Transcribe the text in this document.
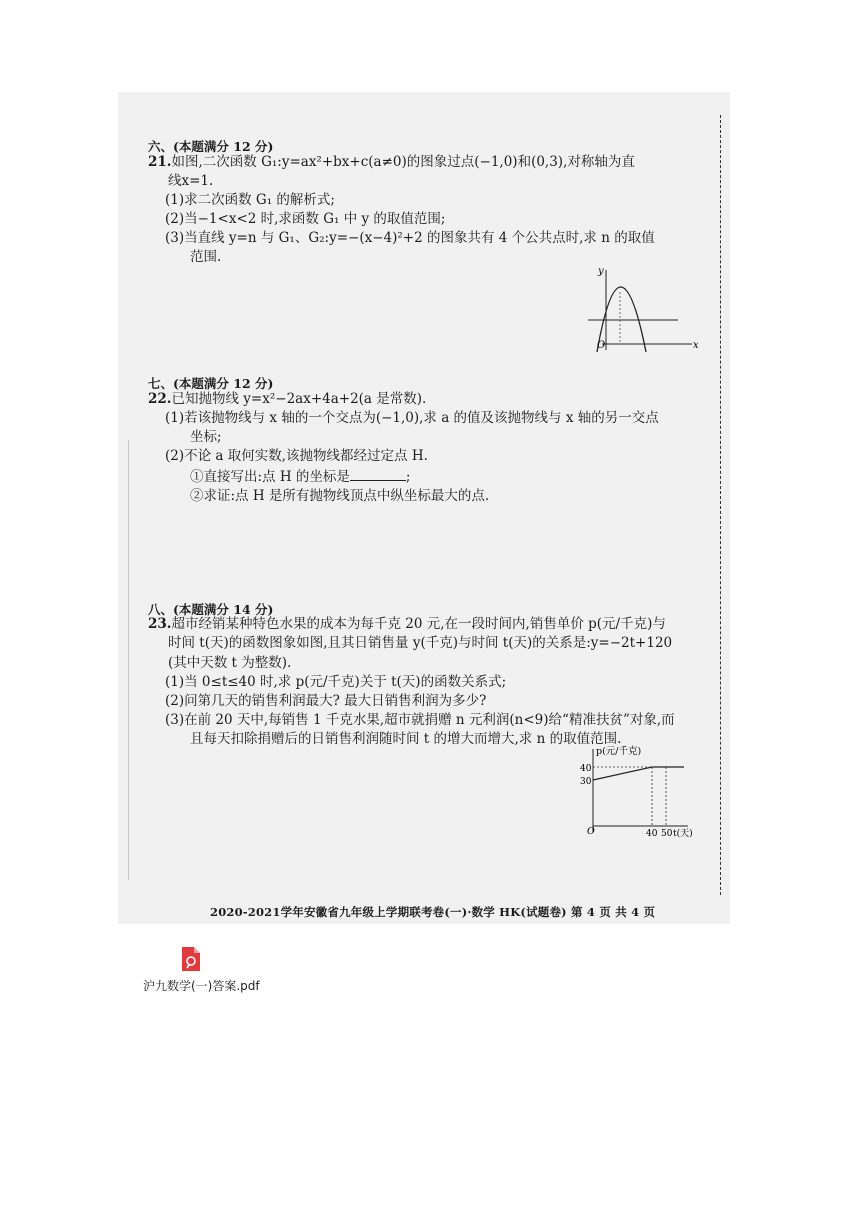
六、(本题满分 12 分)
21.如图,二次函数 G₁:y=ax²+bx+c(a≠0)的图象过点(−1,0)和(0,3),对称轴为直
线x=1.
(1)求二次函数 G₁ 的解析式;
(2)当−1<x<2 时,求函数 G₁ 中 y 的取值范围;
(3)当直线 y=n 与 G₁、G₂:y=−(x−4)²+2 的图象共有 4 个公共点时,求 n 的取值
范围.
y
x
O
七、(本题满分 12 分)
22.已知抛物线 y=x²−2ax+4a+2(a 是常数).
(1)若该抛物线与 x 轴的一个交点为(−1,0),求 a 的值及该抛物线与 x 轴的另一交点
坐标;
(2)不论 a 取何实数,该抛物线都经过定点 H.
①直接写出:点 H 的坐标是	;
②求证:点 H 是所有抛物线顶点中纵坐标最大的点.
八、(本题满分 14 分)
23.超市经销某种特色水果的成本为每千克 20 元,在一段时间内,销售单价 p(元/千克)与
时间 t(天)的函数图象如图,且其日销售量 y(千克)与时间 t(天)的关系是:y=−2t+120
(其中天数 t 为整数).
(1)当 0≤t≤40 时,求 p(元/千克)关于 t(天)的函数关系式;
(2)问第几天的销售利润最大? 最大日销售利润为多少?
(3)在前 20 天中,每销售 1 千克水果,超市就捐赠 n 元利润(n<9)给“精准扶贫”对象,而
且每天扣除捐赠后的日销售利润随时间 t 的增大而增大,求 n 的取值范围.
p(元/千克)
40
30
O	40 50 t(天)
2020-2021学年安徽省九年级上学期联考卷(一)·数学 HK(试题卷) 第 4 页 共 4 页
沪九数学(一)答案.pdf
